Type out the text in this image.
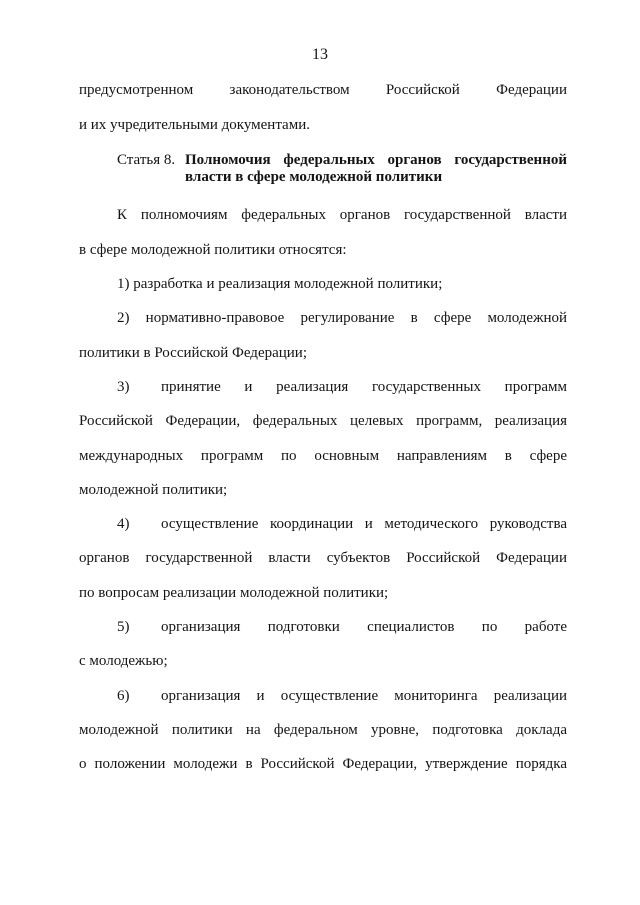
13
предусмотренном законодательством Российской Федерации
и их учредительными документами.
Статья 8. Полномочия федеральных органов государственной
власти в сфере молодежной политики
К полномочиям федеральных органов государственной власти
в сфере молодежной политики относятся:
1) разработка и реализация молодежной политики;
2) нормативно-правовое регулирование в сфере молодежной
политики в Российской Федерации;
3) принятие и реализация государственных программ
Российской Федерации, федеральных целевых программ, реализация
международных программ по основным направлениям в сфере
молодежной политики;
4) осуществление координации и методического руководства
органов государственной власти субъектов Российской Федерации
по вопросам реализации молодежной политики;
5) организация подготовки специалистов по работе
с молодежью;
6) организация и осуществление мониторинга реализации
молодежной политики на федеральном уровне, подготовка доклада
о положении молодежи в Российской Федерации, утверждение порядка
